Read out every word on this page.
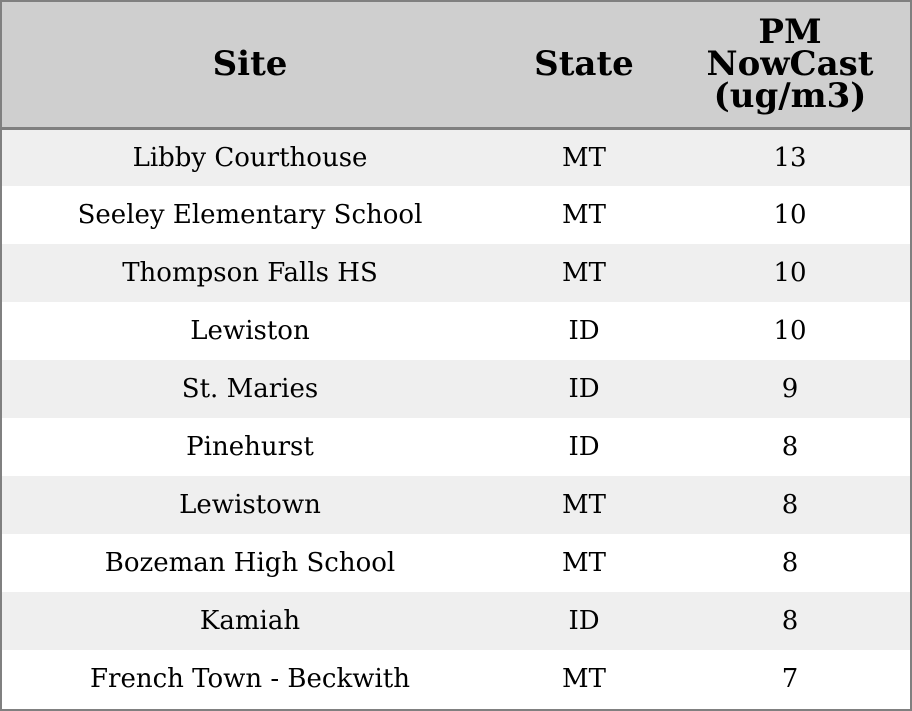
Site	State	PM
NowCast
(ug/m3)

Libby Courthouse	MT	13
Seeley Elementary School	MT	10
Thompson Falls HS	MT	10
Lewiston	ID	10
St. Maries	ID	9
Pinehurst	ID	8
Lewistown	MT	8
Bozeman High School	MT	8
Kamiah	ID	8
French Town - Beckwith	MT	7
